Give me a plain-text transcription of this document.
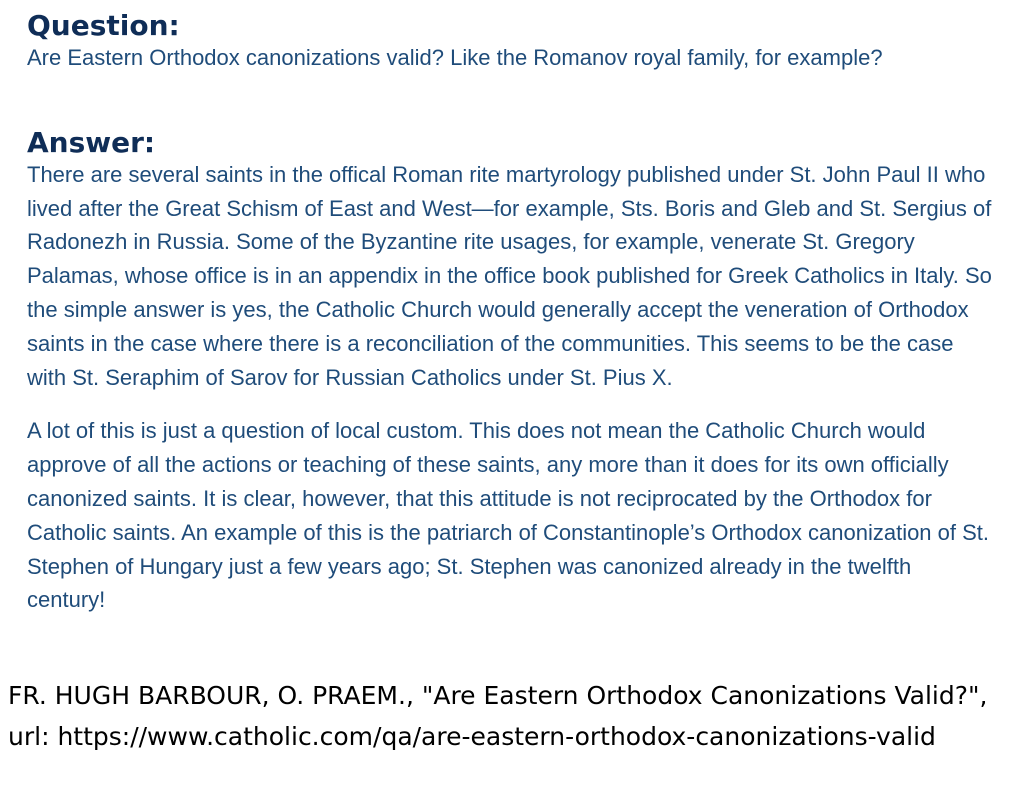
Question:

Are Eastern Orthodox canonizations valid? Like the Romanov royal family, for example?

Answer:

There are several saints in the offical Roman rite martyrology published under St. John Paul II who lived after the Great Schism of East and West—for example, Sts. Boris and Gleb and St. Sergius of Radonezh in Russia. Some of the Byzantine rite usages, for example, venerate St. Gregory Palamas, whose office is in an appendix in the office book published for Greek Catholics in Italy. So the simple answer is yes, the Catholic Church would generally accept the veneration of Orthodox saints in the case where there is a reconciliation of the communities. This seems to be the case with St. Seraphim of Sarov for Russian Catholics under St. Pius X.

A lot of this is just a question of local custom. This does not mean the Catholic Church would approve of all the actions or teaching of these saints, any more than it does for its own officially canonized saints. It is clear, however, that this attitude is not reciprocated by the Orthodox for Catholic saints. An example of this is the patriarch of Constantinople’s Orthodox canonization of St. Stephen of Hungary just a few years ago; St. Stephen was canonized already in the twelfth century!

FR. HUGH BARBOUR, O. PRAEM., "Are Eastern Orthodox Canonizations Valid?", url: https://www.catholic.com/qa/are-eastern-orthodox-canonizations-valid
